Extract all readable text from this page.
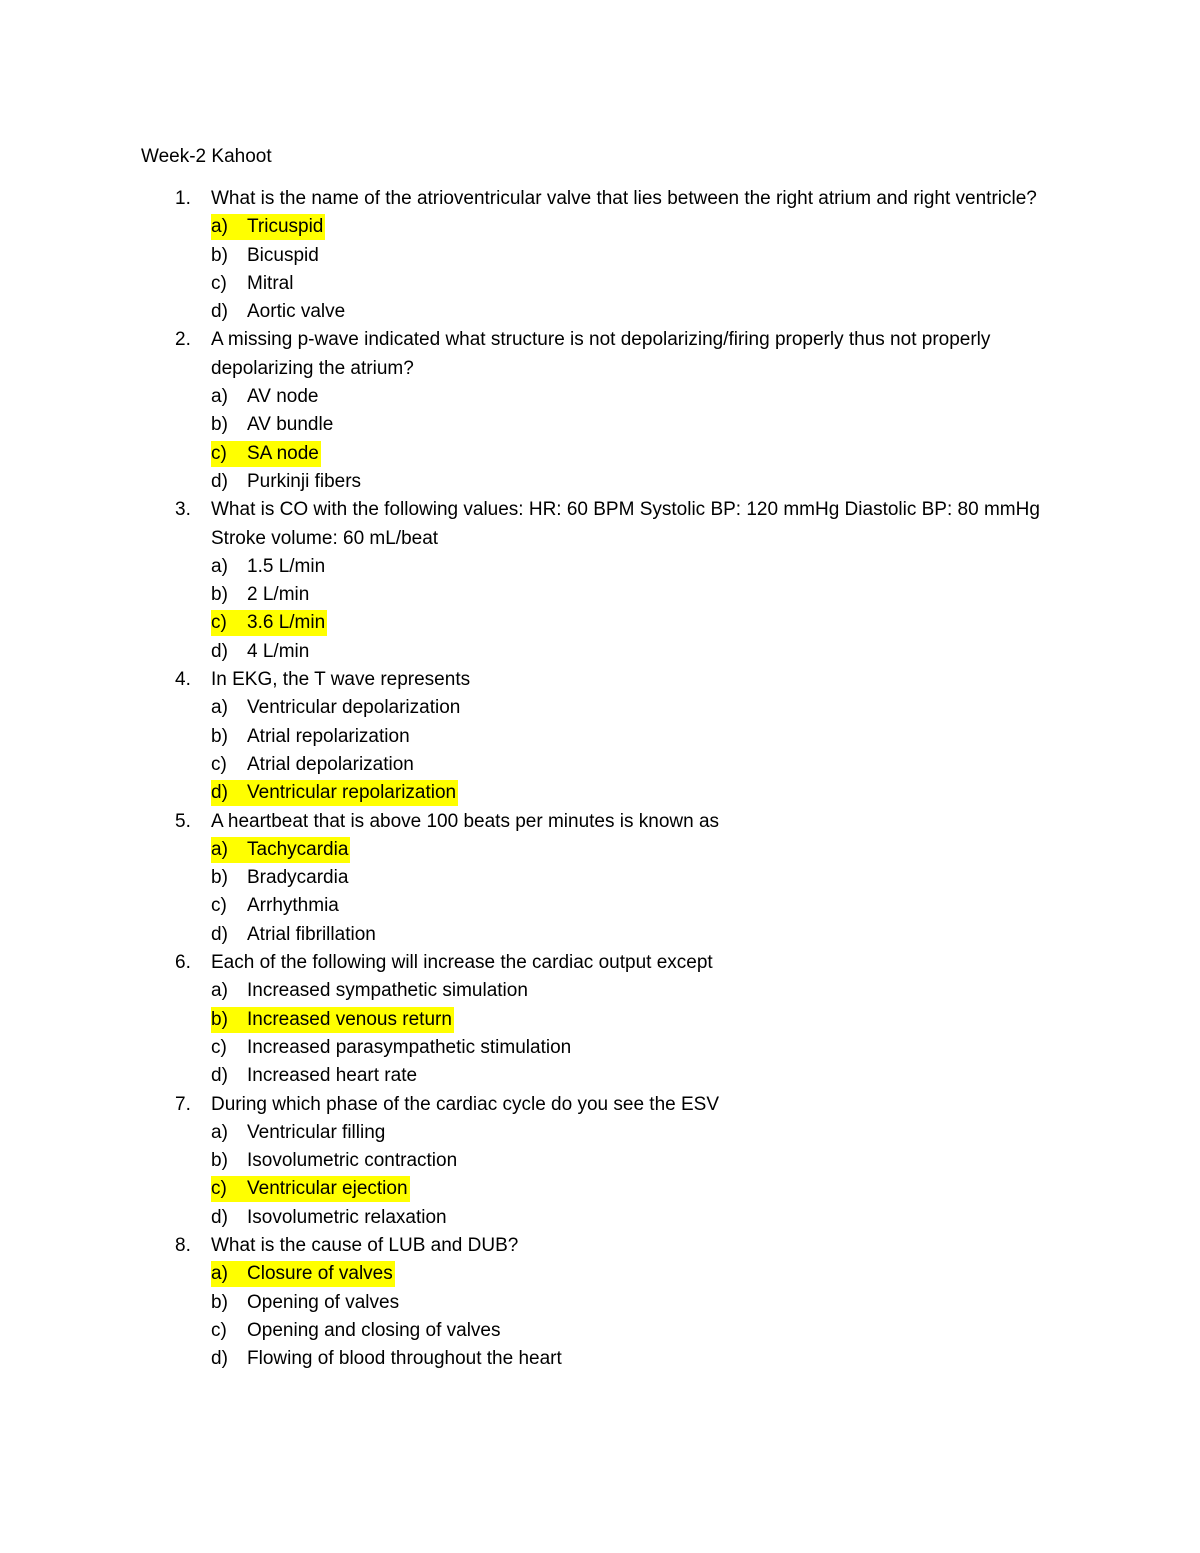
Week-2 Kahoot
1. What is the name of the atrioventricular valve that lies between the right atrium and right ventricle?
a)	Tricuspid
b)	Bicuspid
c)	Mitral
d)	Aortic valve
2. A missing p-wave indicated what structure is not depolarizing/firing properly thus not properly depolarizing the atrium?
a)	AV node
b)	AV bundle
c)	SA node
d)	Purkinji fibers
3. What is CO with the following values: HR: 60 BPM Systolic BP: 120 mmHg Diastolic BP: 80 mmHg Stroke volume: 60 mL/beat
a)	1.5 L/min
b)	2 L/min
c)	3.6 L/min
d)	4 L/min
4. In EKG, the T wave represents
a)	Ventricular depolarization
b)	Atrial repolarization
c)	Atrial depolarization
d)	Ventricular repolarization
5. A heartbeat that is above 100 beats per minutes is known as
a)	Tachycardia
b)	Bradycardia
c)	Arrhythmia
d)	Atrial fibrillation
6. Each of the following will increase the cardiac output except
a)	Increased sympathetic simulation
b)	Increased venous return
c)	Increased parasympathetic stimulation
d)	Increased heart rate
7. During which phase of the cardiac cycle do you see the ESV
a)	Ventricular filling
b)	Isovolumetric contraction
c)	Ventricular ejection
d)	Isovolumetric relaxation
8. What is the cause of LUB and DUB?
a)	Closure of valves
b)	Opening of valves
c)	Opening and closing of valves
d)	Flowing of blood throughout the heart
